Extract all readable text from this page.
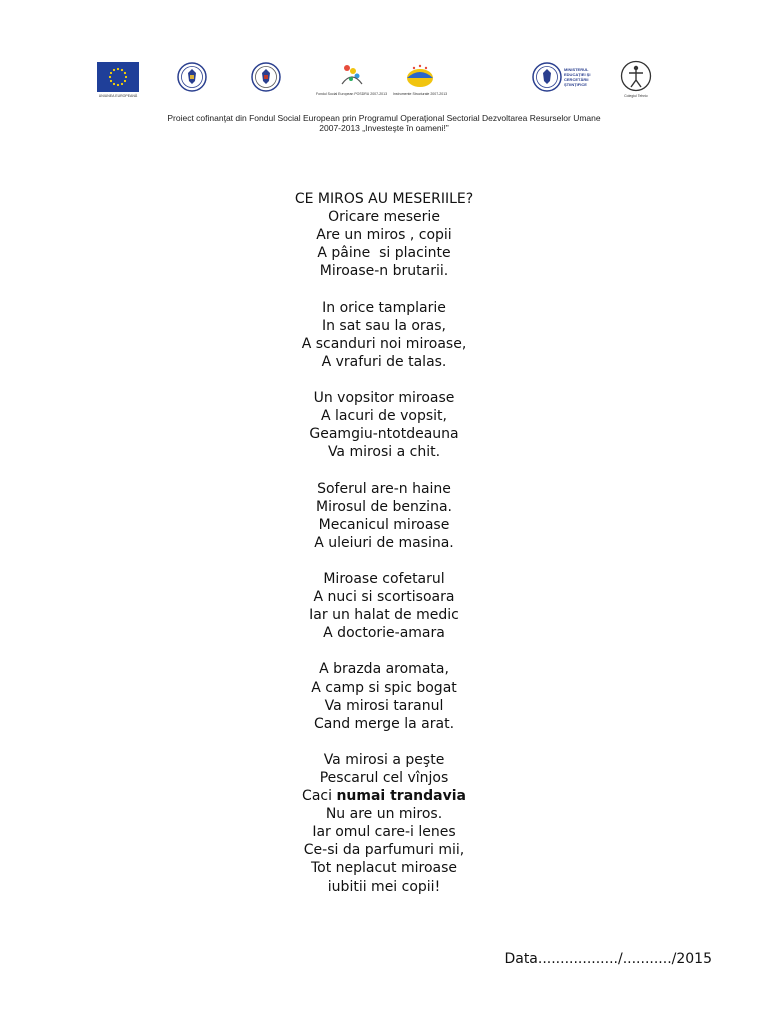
UNIUNEA EUROPEANĂ	Fondul Social European POSDRU 2007-2013 Instrumente Structurale 2007-2013
MINISTERUL EDUCAȚIEI ȘI CERCETĂRII ȘTIINȚIFICE
Colegiul Tehnic
Proiect cofinanţat din Fondul Social European prin Programul Operaţional Sectorial Dezvoltarea Resurselor Umane
2007-2013 „Investeşte în oameni!”
CE MIROS AU MESERIILE?
Oricare meserie
Are un miros , copii
A pâine  si placinte
Miroase-n brutarii.
In orice tamplarie
In sat sau la oras,
A scanduri noi miroase,
A vrafuri de talas.
Un vopsitor miroase
A lacuri de vopsit,
Geamgiu-ntotdeauna
Va mirosi a chit.
Soferul are-n haine
Mirosul de benzina.
Mecanicul miroase
A uleiuri de masina.
Miroase cofetarul
A nuci si scortisoara
Iar un halat de medic
A doctorie-amara
A brazda aromata,
A camp si spic bogat
Va mirosi taranul
Cand merge la arat.
Va mirosi a peşte
Pescarul cel vînjos
Caci numai trandavia
Nu are un miros.
Iar omul care-i lenes
Ce-si da parfumuri mii,
Tot neplacut miroase
iubitii mei copii!
Data................../.........../2015
